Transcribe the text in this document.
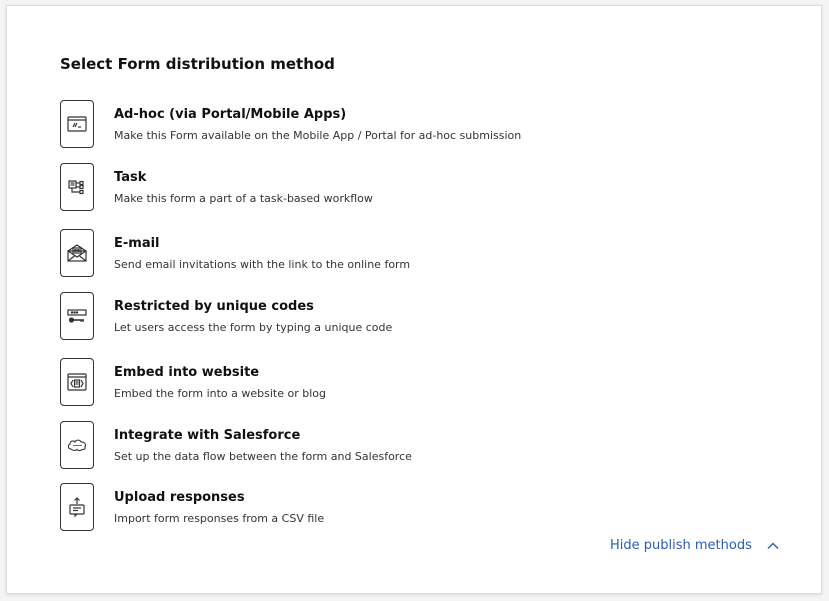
Select Form distribution method
Ad-hoc (via Portal/Mobile Apps)
Make this Form available on the Mobile App / Portal for ad-hoc submission
Task
Make this form a part of a task-based workflow
E-mail
Send email invitations with the link to the online form
Restricted by unique codes
Let users access the form by typing a unique code
Embed into website
Embed the form into a website or blog
Integrate with Salesforce
Set up the data flow between the form and Salesforce
Upload responses
Import form responses from a CSV file
Hide publish methods
